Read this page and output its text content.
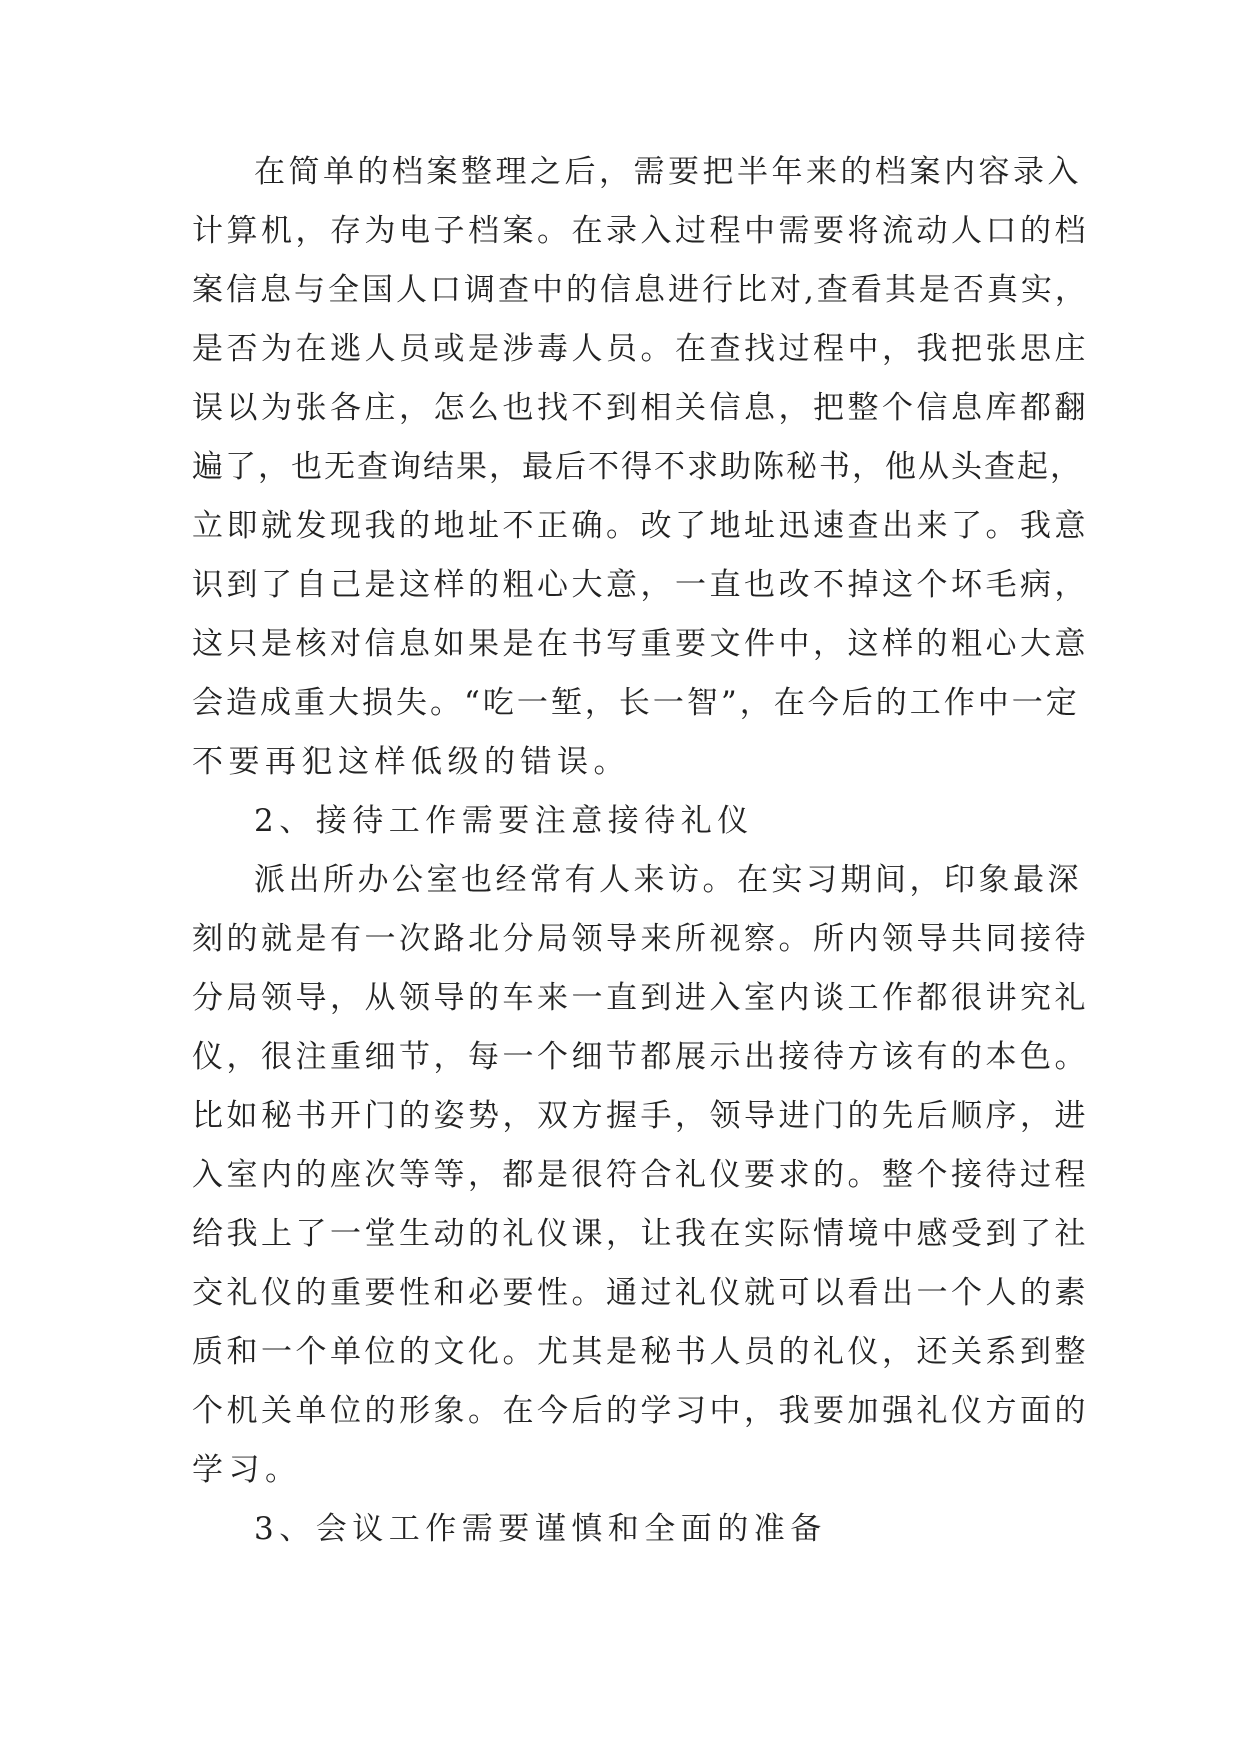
在简单的档案整理之后，需要把半年来的档案内容录入

计算机，存为电子档案。在录入过程中需要将流动人口的档

案信息与全国人口调查中的信息进行比对,查看其是否真实，

是否为在逃人员或是涉毒人员。在查找过程中，我把张思庄

误以为张各庄，怎么也找不到相关信息，把整个信息库都翻

遍了，也无查询结果，最后不得不求助陈秘书，他从头查起，

立即就发现我的地址不正确。改了地址迅速查出来了。我意

识到了自己是这样的粗心大意，一直也改不掉这个坏毛病，

这只是核对信息如果是在书写重要文件中，这样的粗心大意

会造成重大损失。“吃一堑，长一智”，在今后的工作中一定

不要再犯这样低级的错误。

2、接待工作需要注意接待礼仪

派出所办公室也经常有人来访。在实习期间，印象最深

刻的就是有一次路北分局领导来所视察。所内领导共同接待

分局领导，从领导的车来一直到进入室内谈工作都很讲究礼

仪，很注重细节，每一个细节都展示出接待方该有的本色。

比如秘书开门的姿势，双方握手，领导进门的先后顺序，进

入室内的座次等等，都是很符合礼仪要求的。整个接待过程

给我上了一堂生动的礼仪课，让我在实际情境中感受到了社

交礼仪的重要性和必要性。通过礼仪就可以看出一个人的素

质和一个单位的文化。尤其是秘书人员的礼仪，还关系到整

个机关单位的形象。在今后的学习中，我要加强礼仪方面的

学习。

3、会议工作需要谨慎和全面的准备
